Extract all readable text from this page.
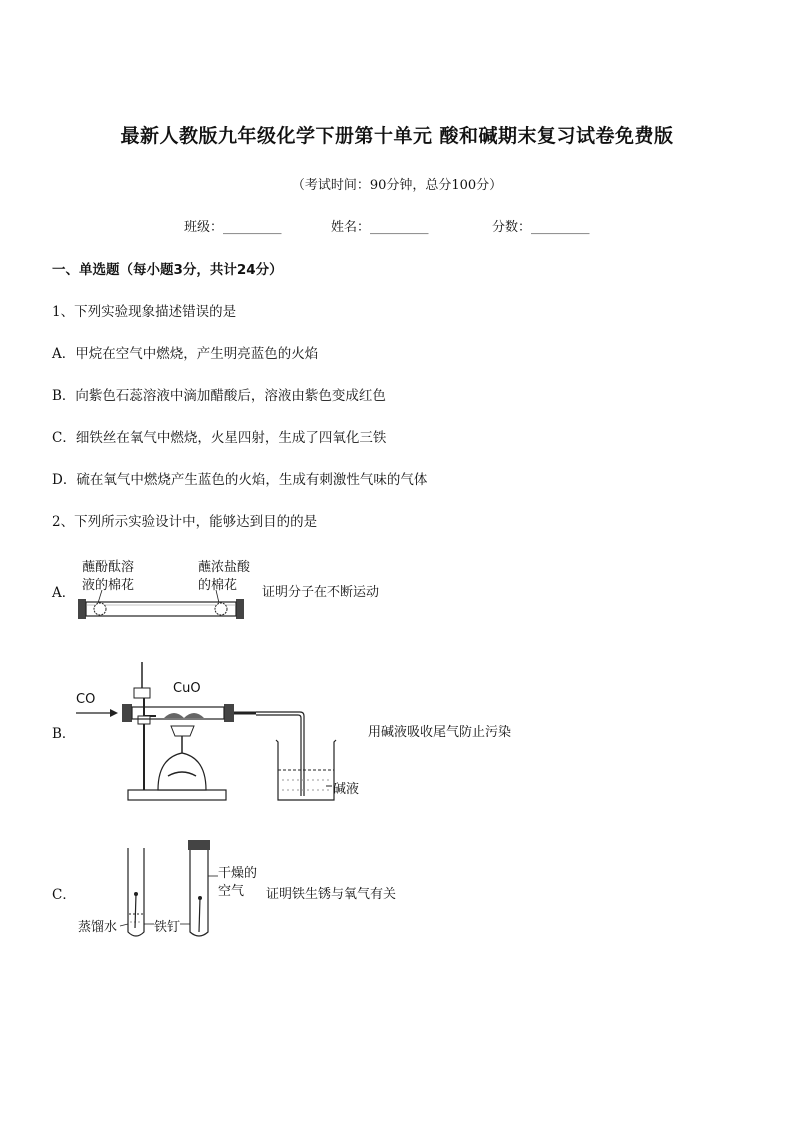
最新人教版九年级化学下册第十单元 酸和碱期末复习试卷免费版
（考试时间：90分钟，总分100分）
班级：_________	姓名：_________	分数：_________
一、单选题（每小题3分，共计24分）
1、下列实验现象描述错误的是
A．甲烷在空气中燃烧，产生明亮蓝色的火焰
B．向紫色石蕊溶液中滴加醋酸后，溶液由紫色变成红色
C．细铁丝在氧气中燃烧，火星四射，生成了四氧化三铁
D．硫在氧气中燃烧产生蓝色的火焰，生成有刺激性气味的气体
2、下列所示实验设计中，能够达到目的的是
A．
蘸酚酞溶
液的棉花
蘸浓盐酸
的棉花 证明分子在不断运动
B．
CO
CuO
碱液
用碱液吸收尾气防止污染
C．
蒸馏水	铁钉
干燥的
空气 证明铁生锈与氧气有关
